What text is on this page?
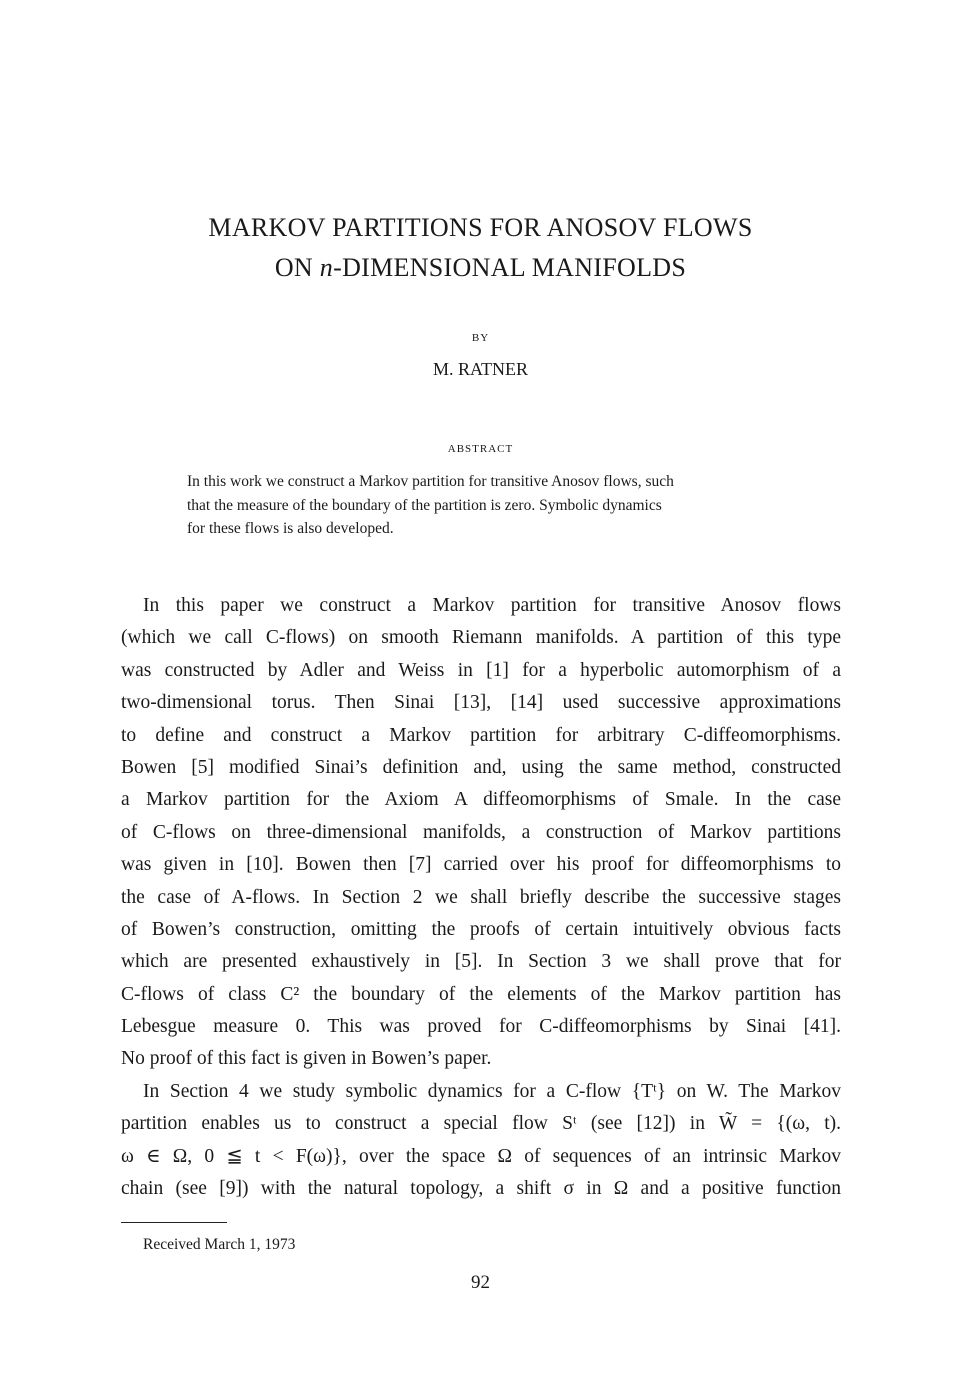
MARKOV PARTITIONS FOR ANOSOV FLOWS
ON n-DIMENSIONAL MANIFOLDS
BY
M. RATNER
ABSTRACT
In this work we construct a Markov partition for transitive Anosov flows, such
that the measure of the boundary of the partition is zero. Symbolic dynamics
for these flows is also developed.
In this paper we construct a Markov partition for transitive Anosov flows
(which we call C-flows) on smooth Riemann manifolds. A partition of this type
was constructed by Adler and Weiss in [1] for a hyperbolic automorphism of a
two-dimensional torus. Then Sinai [13], [14] used successive approximations
to define and construct a Markov partition for arbitrary C-diffeomorphisms.
Bowen [5] modified Sinai’s definition and, using the same method, constructed
a Markov partition for the Axiom A diffeomorphisms of Smale. In the case
of C-flows on three-dimensional manifolds, a construction of Markov partitions
was given in [10]. Bowen then [7] carried over his proof for diffeomorphisms to
the case of A-flows. In Section 2 we shall briefly describe the successive stages
of Bowen’s construction, omitting the proofs of certain intuitively obvious facts
which are presented exhaustively in [5]. In Section 3 we shall prove that for
C-flows of class C² the boundary of the elements of the Markov partition has
Lebesgue measure 0. This was proved for C-diffeomorphisms by Sinai [41].
No proof of this fact is given in Bowen’s paper.
In Section 4 we study symbolic dynamics for a C-flow {Tᵗ} on W. The Markov
partition enables us to construct a special flow Sᵗ (see [12]) in W̃ = {(ω, t).
ω ∈ Ω, 0 ≦ t < F(ω)}, over the space Ω of sequences of an intrinsic Markov
chain (see [9]) with the natural topology, a shift σ in Ω and a positive function
Received March 1, 1973
92
